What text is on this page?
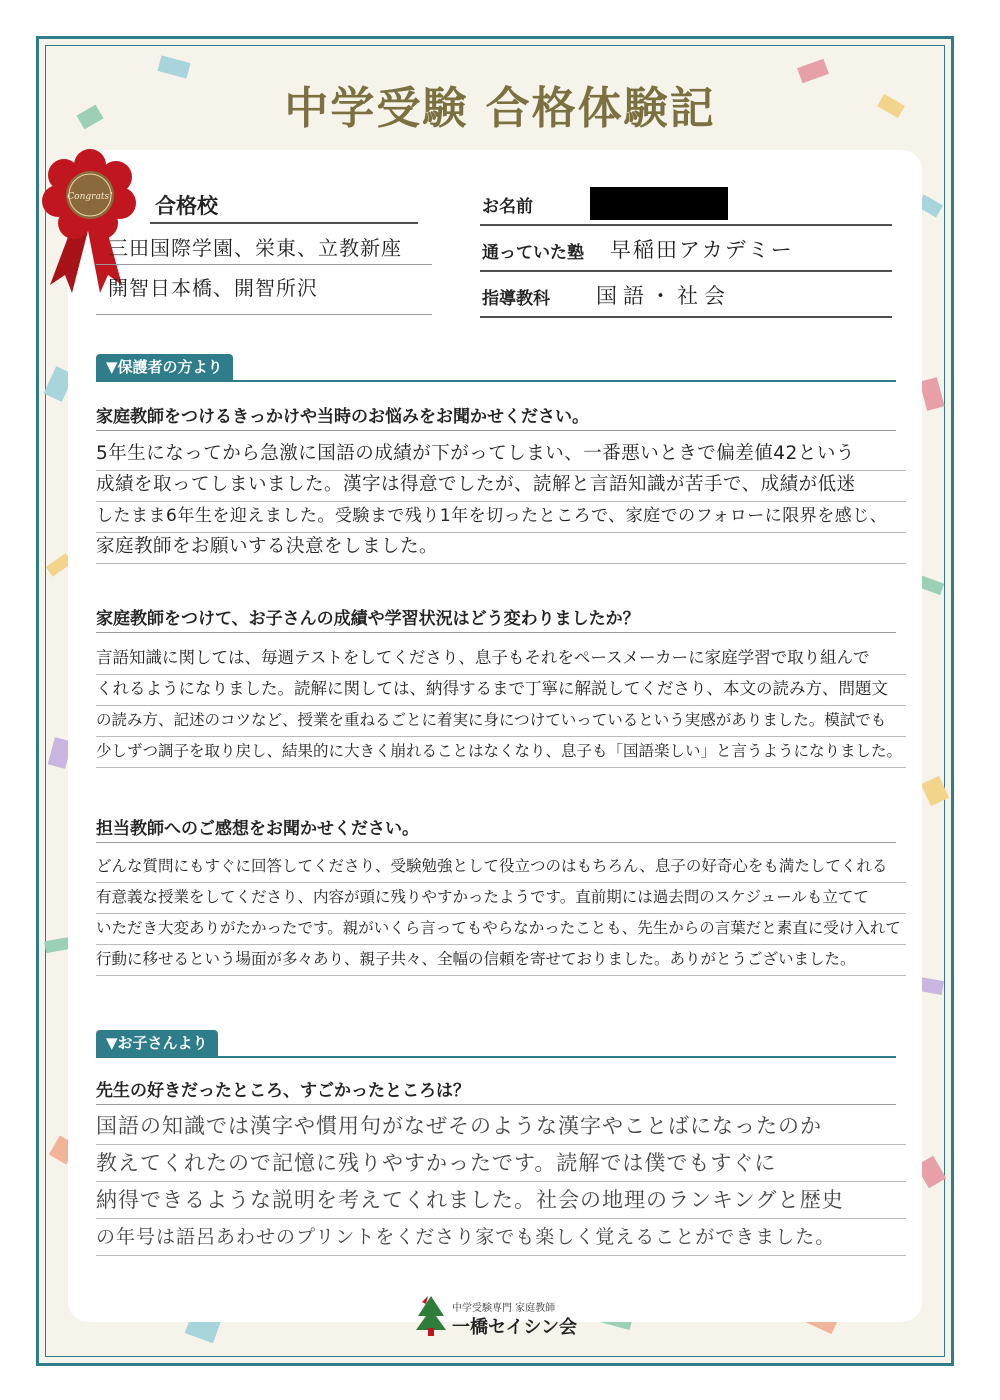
中学受験 合格体験記
Congrats! 合格校
三田国際学園、栄東、立教新座
開智日本橋、開智所沢
お名前
通っていた塾 早稲田アカデミー
指導教科 国語・社会
▼保護者の方より
家庭教師をつけるきっかけや当時のお悩みをお聞かせください。
5年生になってから急激に国語の成績が下がってしまい、一番悪いときで偏差値42という
成績を取ってしまいました。漢字は得意でしたが、読解と言語知識が苦手で、成績が低迷
したまま6年生を迎えました。受験まで残り1年を切ったところで、家庭でのフォローに限界を感じ、
家庭教師をお願いする決意をしました。
家庭教師をつけて、お子さんの成績や学習状況はどう変わりましたか？
言語知識に関しては、毎週テストをしてくださり、息子もそれをペースメーカーに家庭学習で取り組んで
くれるようになりました。読解に関しては、納得するまで丁寧に解説してくださり、本文の読み方、問題文
の読み方、記述のコツなど、授業を重ねるごとに着実に身につけていっているという実感がありました。模試でも
少しずつ調子を取り戻し、結果的に大きく崩れることはなくなり、息子も「国語楽しい」と言うようになりました。
担当教師へのご感想をお聞かせください。
どんな質問にもすぐに回答してくださり、受験勉強として役立つのはもちろん、息子の好奇心をも満たしてくれる
有意義な授業をしてくださり、内容が頭に残りやすかったようです。直前期には過去問のスケジュールも立てて
いただき大変ありがたかったです。親がいくら言ってもやらなかったことも、先生からの言葉だと素直に受け入れて
行動に移せるという場面が多々あり、親子共々、全幅の信頼を寄せておりました。ありがとうございました。
▼お子さんより
先生の好きだったところ、すごかったところは？
国語の知識では漢字や慣用句がなぜそのような漢字やことばになったのか
教えてくれたので記憶に残りやすかったです。読解では僕でもすぐに
納得できるような説明を考えてくれました。社会の地理のランキングと歴史
の年号は語呂あわせのプリントをくださり家でも楽しく覚えることができました。
中学受験専門 家庭教師
一橋セイシン会
